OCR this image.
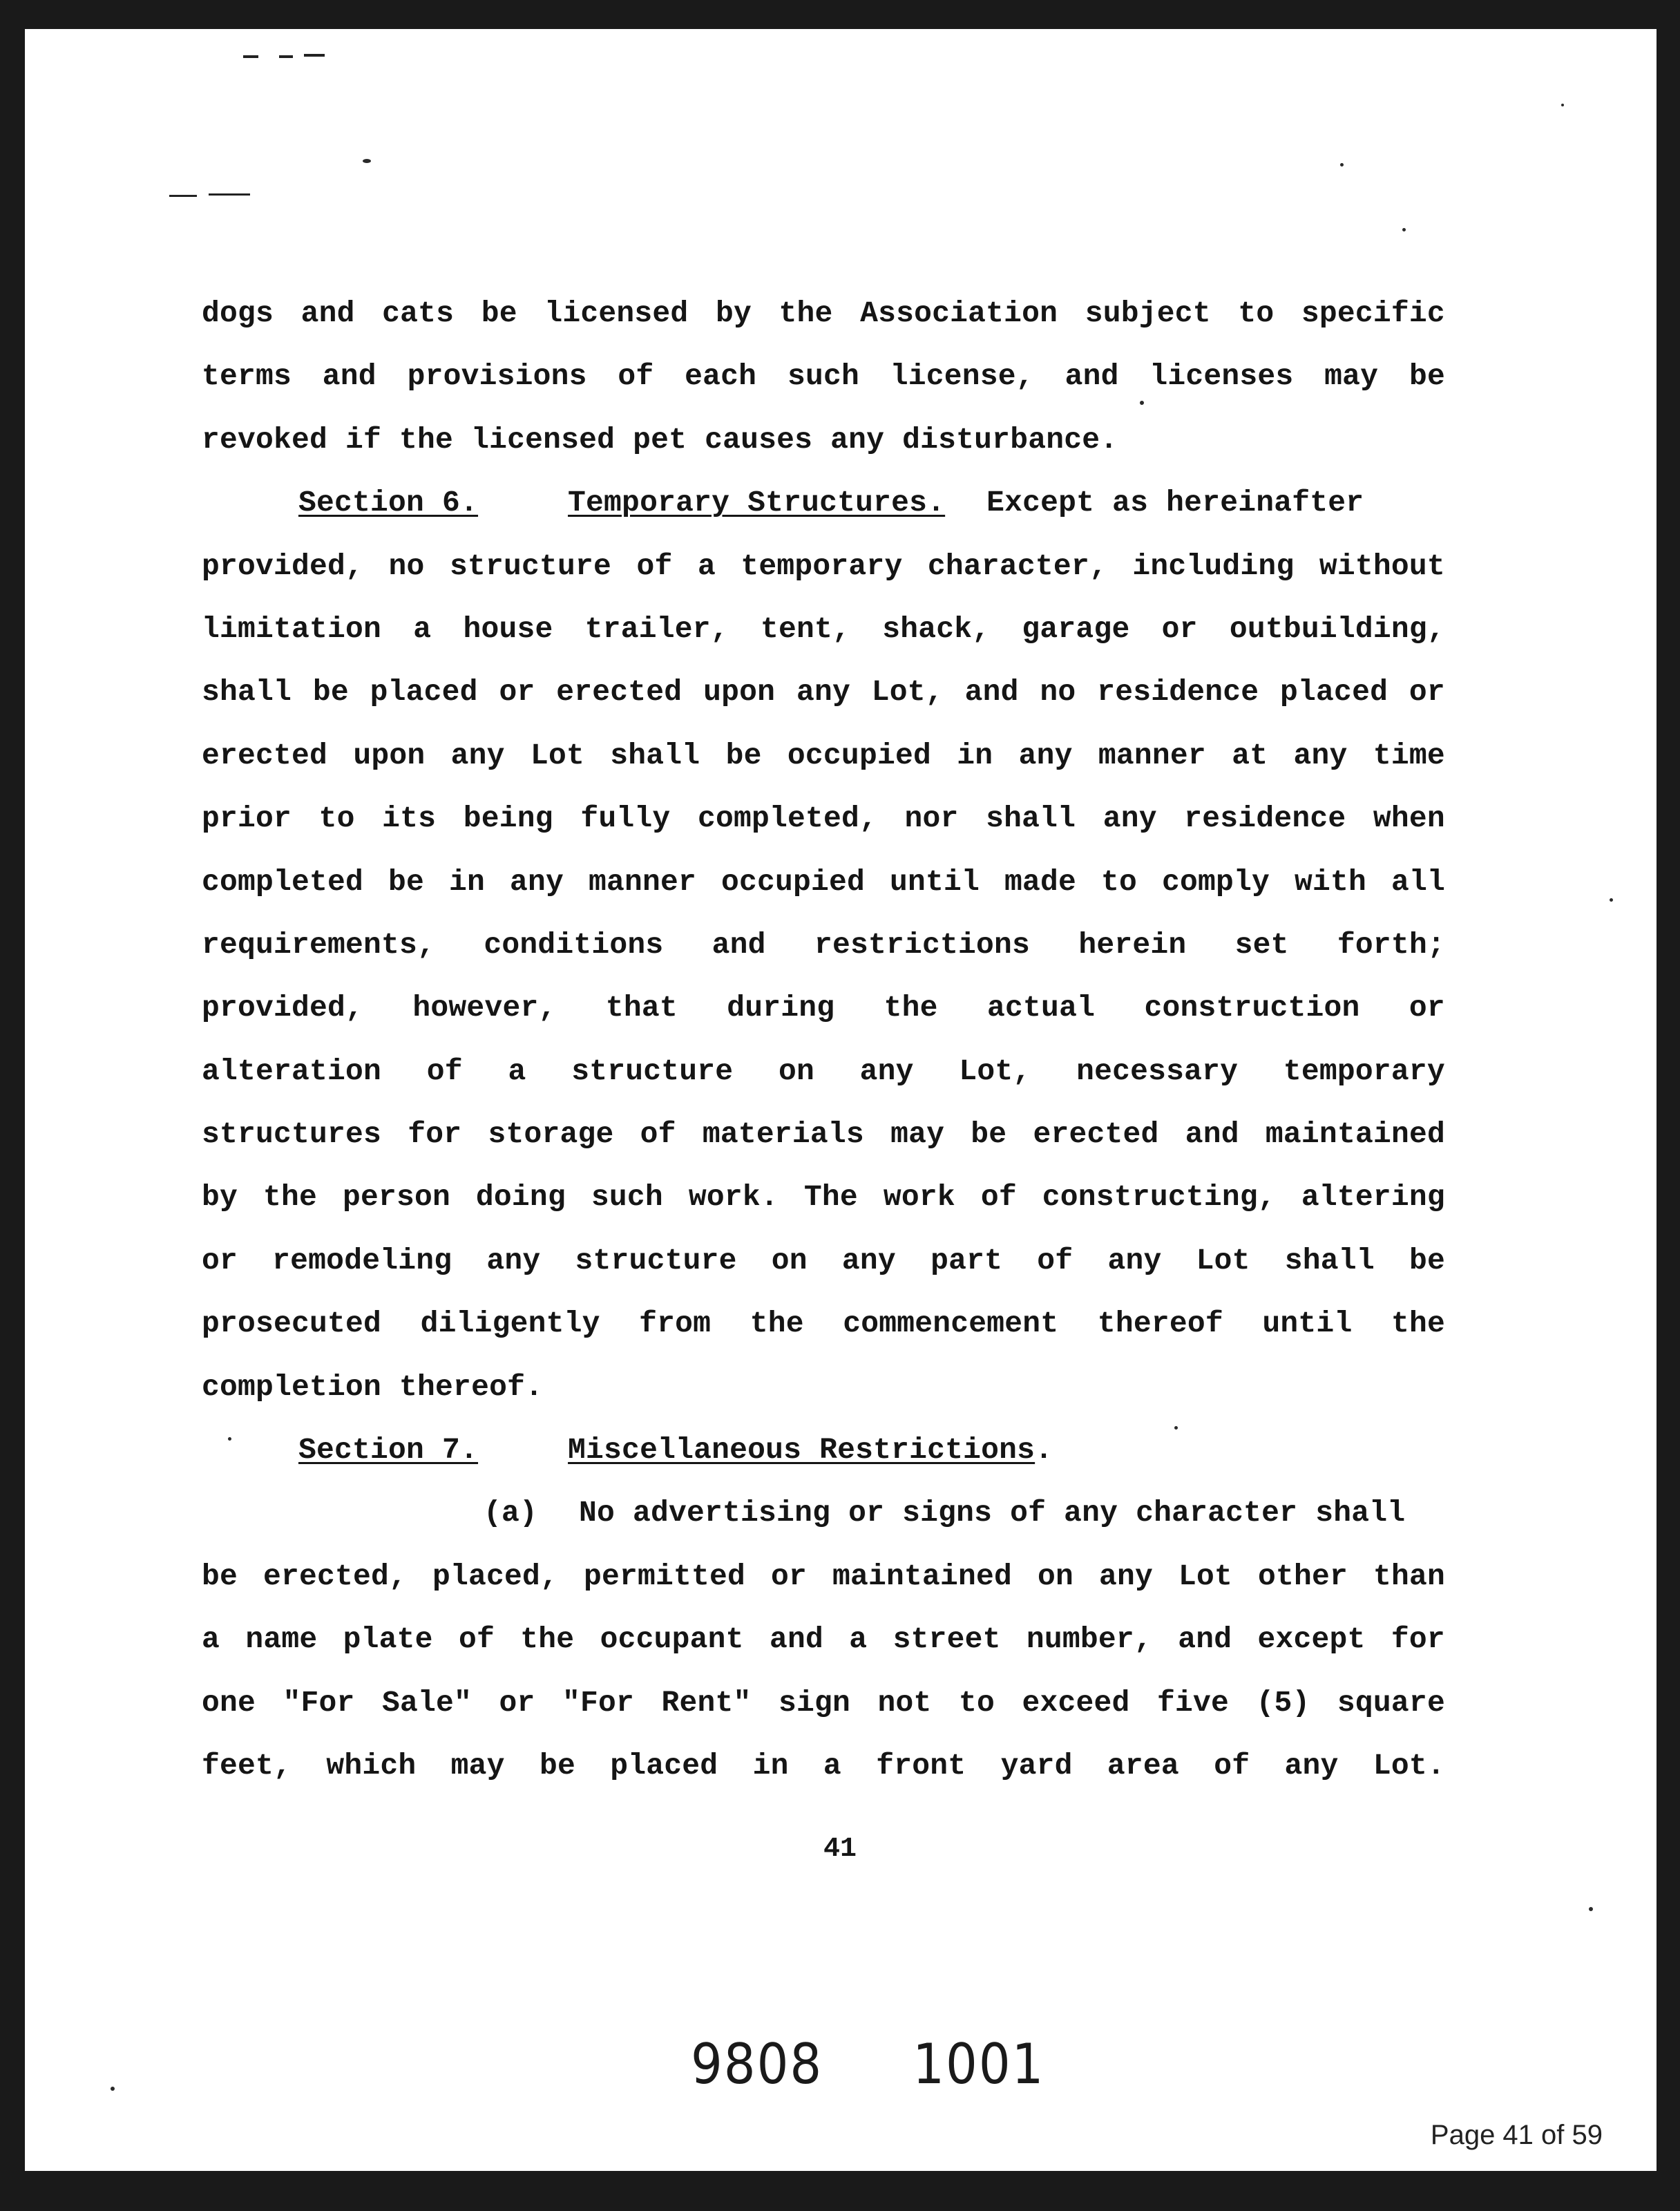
dogs and cats be licensed by the Association subject to specific
terms and provisions of each such license, and licenses may be
revoked if the licensed pet causes any disturbance.
Section 6.	Temporary Structures. Except as hereinafter
provided, no structure of a temporary character, including without
limitation a house trailer, tent, shack, garage or outbuilding,
shall be placed or erected upon any Lot, and no residence placed or
erected upon any Lot shall be occupied in any manner at any time
prior to its being fully completed, nor shall any residence when
completed be in any manner occupied until made to comply with all
requirements, conditions and restrictions herein set forth;
provided, however, that during the actual construction or
alteration of a structure on any Lot, necessary temporary
structures for storage of materials may be erected and maintained
by the person doing such work. The work of constructing, altering
or remodeling any structure on any part of any Lot shall be
prosecuted diligently from the commencement thereof until the
completion thereof.
Section 7.	Miscellaneous Restrictions.
(a) No advertising or signs of any character shall
be erected, placed, permitted or maintained on any Lot other than
a name plate of the occupant and a street number, and except for
one "For Sale" or "For Rent" sign not to exceed five (5) square
feet, which may be placed in a front yard area of any Lot.
41
9808 1001
Page 41 of 59
